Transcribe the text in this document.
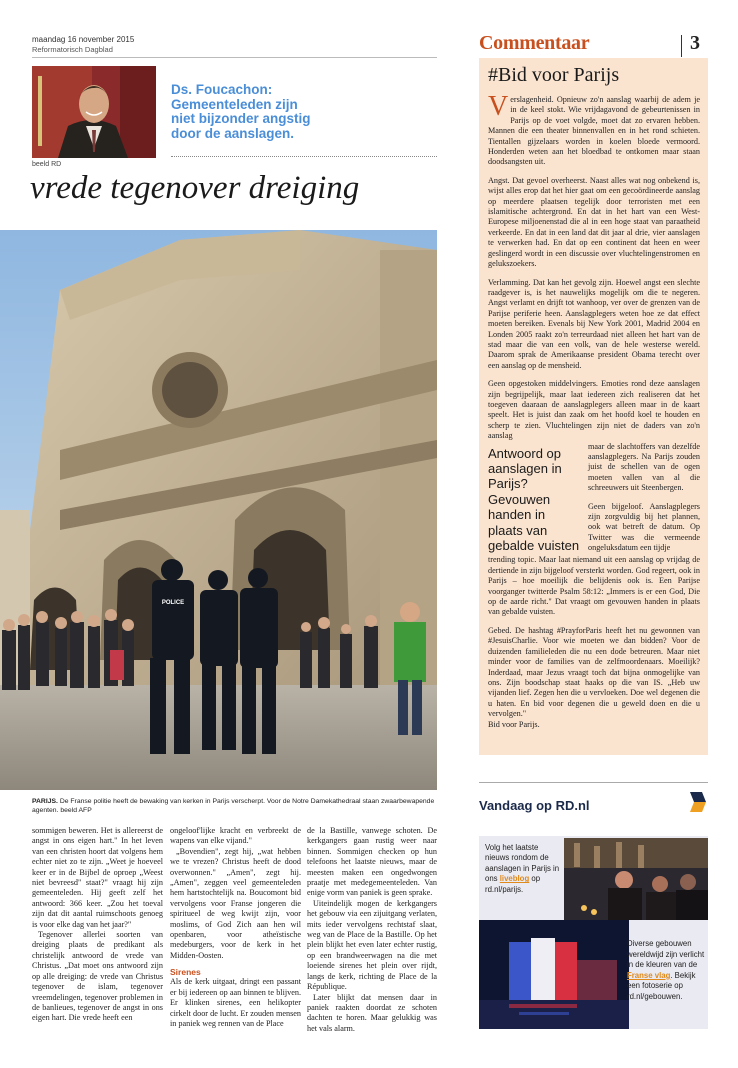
maandag 16 november 2015
Reformatorisch Dagblad	Commentaar	3
beeld RD
Ds. Foucachon:
Gemeenteleden zijn
niet bijzonder angstig
door de aanslagen.
vrede tegenover dreiging
POLICE
PARIJS. De Franse politie heeft de bewaking van kerken in Parijs verscherpt. Voor de Notre Damekathedraal staan zwaarbewapende agenten. beeld AFP

sommigen beweren. Het is allereerst de angst in ons eigen hart." In het leven van een christen hoort dat volgens hem echter niet zo te zijn. „Weet je hoeveel keer er in de Bijbel de oproep „Weest niet bevreesd" staat?" vraagt hij zijn gemeenteleden. Hij geeft zelf het antwoord: 366 keer. „Zou het toeval zijn dat dit aantal ruimschoots genoeg is voor elke dag van het jaar?"

Tegenover allerlei soorten van dreiging plaats de predikant als christelijk antwoord de vrede van Christus. „Dat moet ons antwoord zijn op alle dreiging: de vrede van Christus tegenover de islam, tegenover vreemdelingen, tegenover problemen in de banlieues, tegenover de angst in ons eigen hart. Die vrede heeft een

ongeloof'lijke kracht en verbreekt de wapens van elke vijand."

„Bovendien", zegt hij, „wat hebben we te vrezen? Christus heeft de dood overwonnen." „Amen", zegt hij. „Amen", zeggen veel gemeenteleden hem hartstochtelijk na. Boucomont bid vervolgens voor Franse jongeren die spiritueel de weg kwijt zijn, voor moslims, of God Zich aan hen wil openbaren, voor atheïstische medeburgers, voor de kerk in het Midden-Oosten.

Sirenes

Als de kerk uitgaat, dringt een passant er bij iedereen op aan binnen te blijven. Er klinken sirenes, een helikopter cirkelt door de lucht. Er zouden mensen in paniek weg rennen van de Place

de la Bastille, vanwege schoten. De kerkgangers gaan rustig weer naar binnen. Sommigen checken op hun telefoons het laatste nieuws, maar de meesten maken een ongedwongen praatje met medegemeenteleden. Van enige vorm van paniek is geen sprake.

Uiteindelijk mogen de kerkgangers het gebouw via een zijuitgang verlaten, mits ieder vervolgens rechtstaf slaat, weg van de Place de la Bastille. Op het plein blijkt het even later echter rustig, op een brandweerwagen na die met loeiende sirenes het plein over rijdt, langs de kerk, richting de Place de la République.

Later blijkt dat mensen daar in paniek raakten doordat ze schoten dachten te horen. Maar gelukkig was het vals alarm.

#Bid voor Parijs

Verslagenheid. Opnieuw zo'n aanslag waarbij de adem je in de keel stokt. Wie vrijdagavond de gebeurtenissen in Parijs op de voet volgde, moet dat zo ervaren hebben. Mannen die een theater binnenvallen en in het rond schieten. Tientallen gijzelaars worden in koelen bloede vermoord. Honderden weten aan het bloedbad te ontkomen maar staan doodsangsten uit.

Angst. Dat gevoel overheerst. Naast alles wat nog onbekend is, wijst alles erop dat het hier gaat om een gecoördineerde aanslag op meerdere plaatsen tegelijk door terroristen met een islamitische achtergrond. En dat in het hart van een West-Europese miljoenenstad die al in een hoge staat van paraatheid verkeerde. En dat in een land dat dit jaar al drie, vier aanslagen te verwerken had. En dat op een continent dat heen en weer geslingerd wordt in een discussie over vluchtelingenstromen en gelukszoekers.

Verlamming. Dat kan het gevolg zijn. Hoewel angst een slechte raadgever is, is het nauwelijks mogelijk om die te negeren. Angst verlamt en drijft tot wanhoop, ver over de grenzen van de Parijse periferie heen. Aanslagplegers weten hoe ze dat effect moeten bereiken. Evenals bij New York 2001, Madrid 2004 en Londen 2005 raakt zo'n terreurdaad niet alleen het hart van de stad maar die van een volk, van de hele westerse wereld. Daarom sprak de Amerikaanse president Obama terecht over een aanslag op de mensheid.

Geen opgestoken middelvingers. Emoties rond deze aanslagen zijn begrijpelijk, maar laat iedereen zich realiseren dat het toegeven daaraan de aanslagplegers alleen maar in de kaart speelt. Het is juist dan zaak om het hoofd koel te houden en scherp te zien. Vluchtelingen zijn niet de daders van zo'n aanslag

Antwoord op aanslagen in Parijs? Gevouwen handen in plaats van gebalde vuisten

maar de slachtoffers van dezelfde aanslagplegers. Na Parijs zouden juist de schellen van de ogen moeten vallen van al die schreeuwers uit Steenbergen.

Geen bijgeloof. Aanslagplegers zijn zorgvuldig bij het plannen, ook wat betreft de datum. Op Twitter was die vermeende ongeluksdatum een tijdje

trending topic. Maar laat niemand uit een aanslag op vrijdag de dertiende in zijn bijgeloof versterkt worden. God regeert, ook in Parijs – hoe moeilijk die belijdenis ook is. Een Parijse voorganger twitterde Psalm 58:12: „Immers is er een God, Die op de aarde richt." Dat vraagt om gevouwen handen in plaats van gebalde vuisten.

Gebed. De hashtag #PrayforParis heeft het nu gewonnen van #JesuisCharlie. Voor wie moeten we dan bidden? Voor de duizenden familieleden die nu een dode betreuren. Maar niet minder voor de families van de zelfmoordenaars. Moeilijk? Inderdaad, maar Jezus vraagt toch dat bijna onmogelijke van ons. Zijn boodschap staat haaks op die van IS. „Heb uw vijanden lief. Zegen hen die u vervloeken. Doe wel degenen die u haten. En bid voor degenen die u geweld doen en die u vervolgen."

Bid voor Parijs.

Vandaag op RD.nl
Volg het laatste nieuws rondom de aanslagen in Parijs in ons liveblog op rd.nl/parijs.
Diverse gebouwen wereldwijd zijn verlicht in de kleuren van de Franse vlag. Bekijk een fotoserie op rd.nl/gebouwen.
